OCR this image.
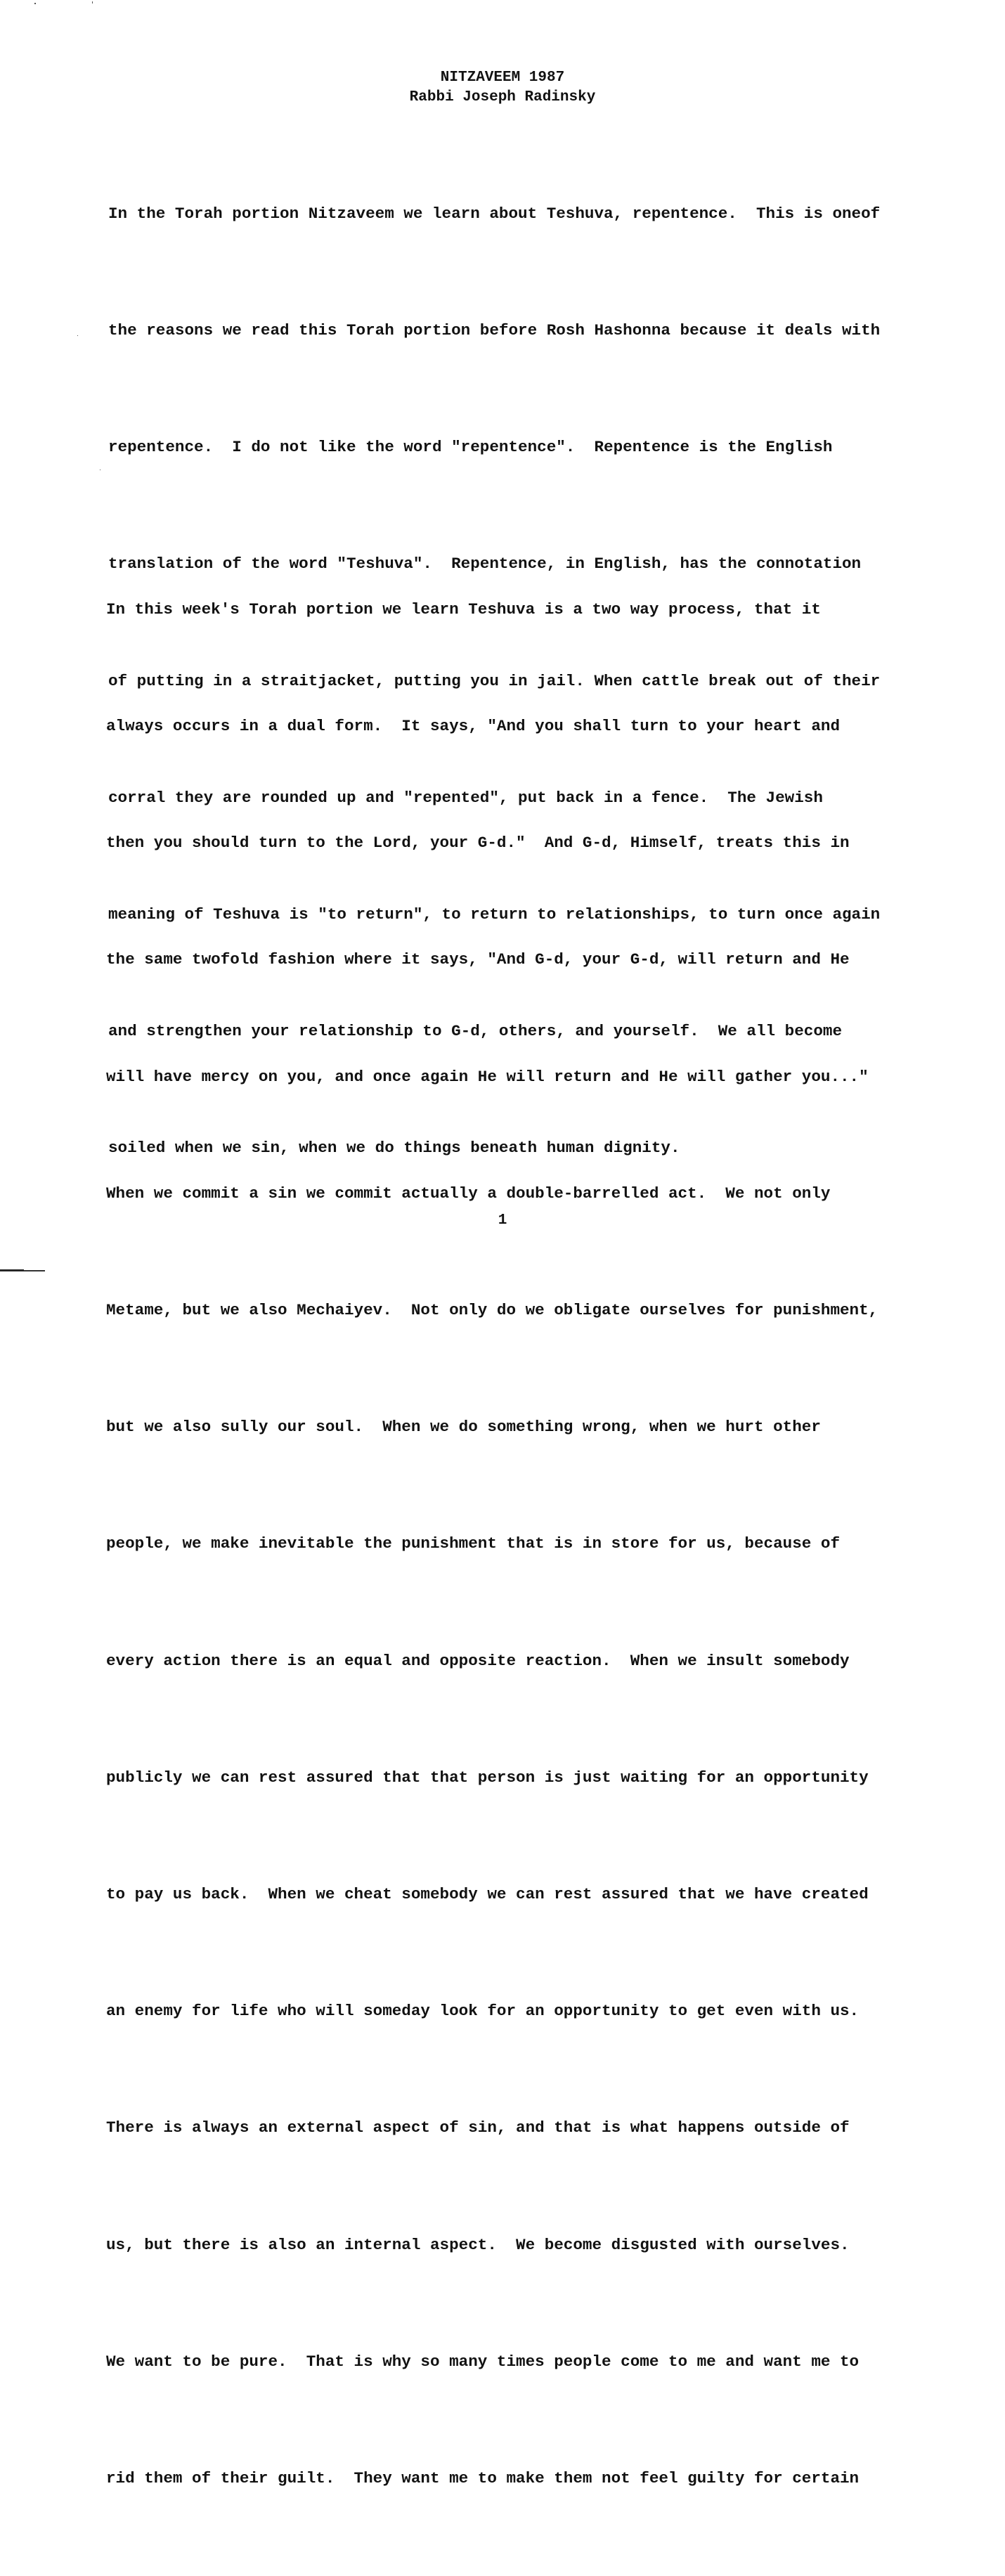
NITZAVEEM 1987
Rabbi Joseph Radinsky

In the Torah portion Nitzaveem we learn about Teshuva, repentence.  This is oneof

the reasons we read this Torah portion before Rosh Hashonna because it deals with

repentence.  I do not like the word "repentence".  Repentence is the English

translation of the word "Teshuva".  Repentence, in English, has the connotation

of putting in a straitjacket, putting you in jail. When cattle break out of their

corral they are rounded up and "repented", put back in a fence.  The Jewish

meaning of Teshuva is "to return", to return to relationships, to turn once again

and strengthen your relationship to G-d, others, and yourself.  We all become

soiled when we sin, when we do things beneath human dignity.

In this week's Torah portion we learn Teshuva is a two way process, that it

always occurs in a dual form.  It says, "And you shall turn to your heart and

then you should turn to the Lord, your G-d."  And G-d, Himself, treats this in

the same twofold fashion where it says, "And G-d, your G-d, will return and He

will have mercy on you, and once again He will return and He will gather you..."

When we commit a sin we commit actually a double-barrelled act.  We not only

Metame, but we also Mechaiyev.  Not only do we obligate ourselves for punishment,

but we also sully our soul.  When we do something wrong, when we hurt other

people, we make inevitable the punishment that is in store for us, because of

every action there is an equal and opposite reaction.  When we insult somebody

publicly we can rest assured that that person is just waiting for an opportunity

to pay us back.  When we cheat somebody we can rest assured that we have created

an enemy for life who will someday look for an opportunity to get even with us.

There is always an external aspect of sin, and that is what happens outside of

us, but there is also an internal aspect.  We become disgusted with ourselves.

We want to be pure.  That is why so many times people come to me and want me to

rid them of their guilt.  They want me to make them not feel guilty for certain

1
